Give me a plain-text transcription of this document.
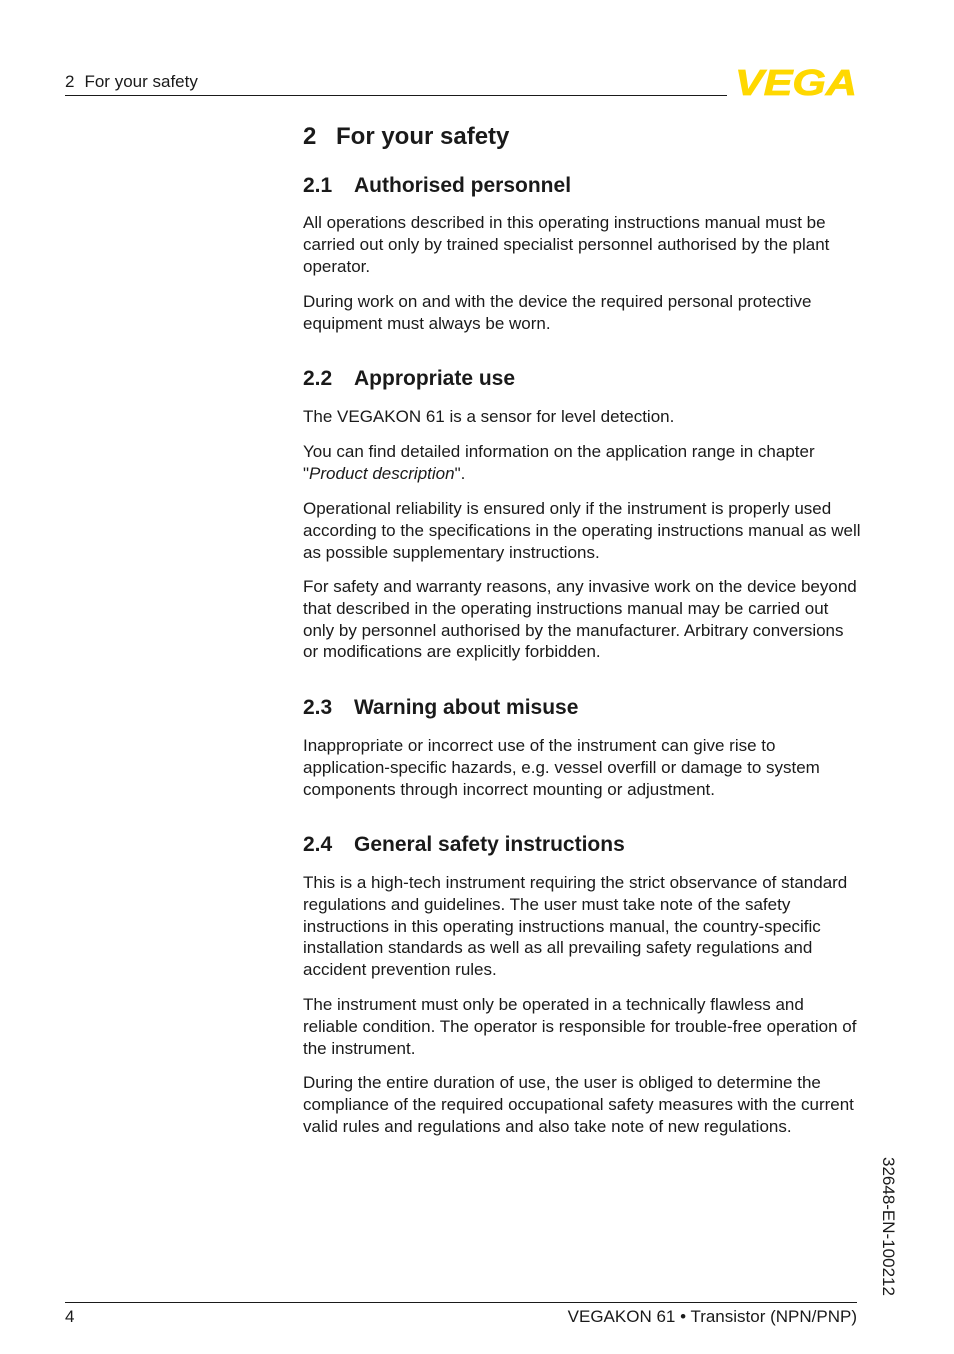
2 For your safety	VEGA
2 For your safety
2.1 Authorised personnel

All operations described in this operating instructions manual must be carried out only by trained specialist personnel authorised by the plant operator.

During work on and with the device the required personal protective equipment must always be worn.

2.2 Appropriate use

The VEGAKON 61 is a sensor for level detection.

You can find detailed information on the application range in chapter "Product description".

Operational reliability is ensured only if the instrument is properly used according to the specifications in the operating instructions manual as well as possible supplementary instructions.

For safety and warranty reasons, any invasive work on the device beyond that described in the operating instructions manual may be carried out only by personnel authorised by the manufacturer. Arbitrary conversions or modifications are explicitly forbidden.

2.3 Warning about misuse

Inappropriate or incorrect use of the instrument can give rise to application-specific hazards, e.g. vessel overfill or damage to system components through incorrect mounting or adjustment.

2.4 General safety instructions

This is a high-tech instrument requiring the strict observance of standard regulations and guidelines. The user must take note of the safety instructions in this operating instructions manual, the country-specific installation standards as well as all prevailing safety regulations and accident prevention rules.

The instrument must only be operated in a technically flawless and reliable condition. The operator is responsible for trouble-free operation of the instrument.

During the entire duration of use, the user is obliged to determine the compliance of the required occupational safety measures with the current valid rules and regulations and also take note of new regulations.

32648-EN-100212
4	VEGAKON 61 • Transistor (NPN/PNP)
